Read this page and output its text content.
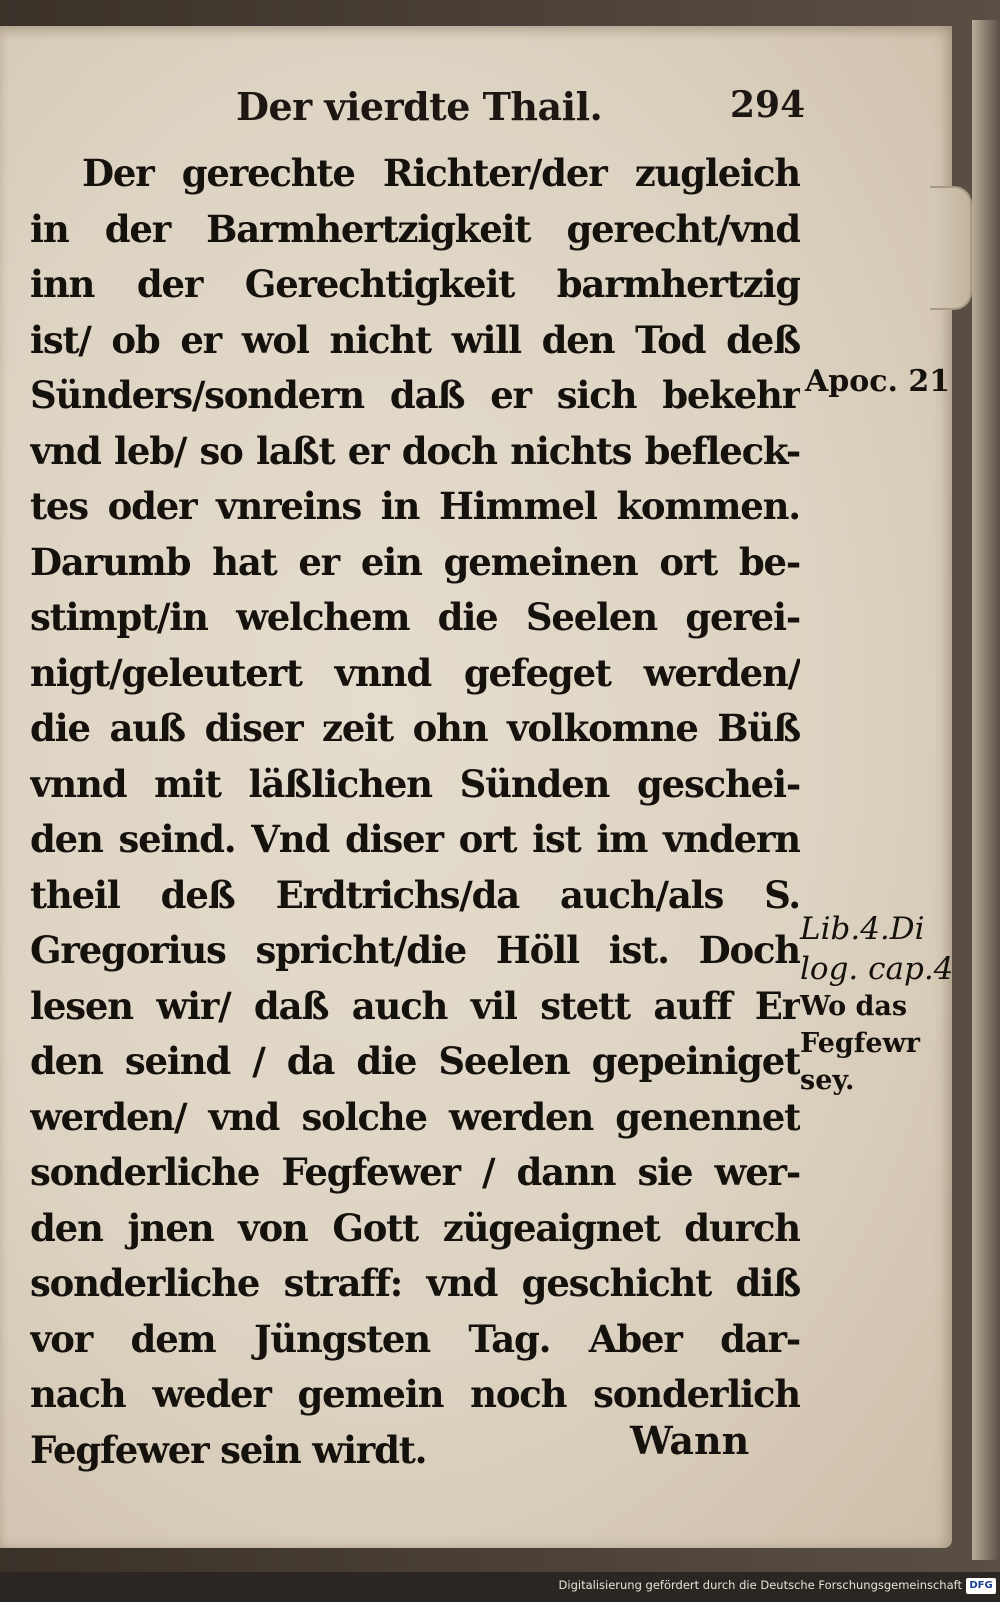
Der vierdte Thail.	294
Der gerechte Richter/der zugleich
in der Barmhertzigkeit gerecht/vnd
inn der Gerechtigkeit barmhertzig
ist/ ob er wol nicht will den Tod deß
Sünders/sondern daß er sich bekehr
vnd leb/ so laßt er doch nichts befleck-
tes oder vnreins in Himmel kommen.
Darumb hat er ein gemeinen ort be-
stimpt/in welchem die Seelen gerei-
nigt/geleutert vnnd gefeget werden/
die auß diser zeit ohn volkomne Büß
vnnd mit läßlichen Sünden geschei-
den seind. Vnd diser ort ist im vndern
theil deß Erdtrichs/da auch/als S.
Gregorius spricht/die Höll ist. Doch
lesen wir/ daß auch vil stett auff Er
den seind / da die Seelen gepeiniget
werden/ vnd solche werden genennet
sonderliche Fegfewer / dann sie wer-
den jnen von Gott zügeaignet durch
sonderliche straff: vnd geschicht diß
vor dem Jüngsten Tag. Aber dar-
nach weder gemein noch sonderlich
Fegfewer sein wirdt.	Wann
Apoc. 21
Lib.4.Di
log. cap.4
Wo das
Fegfewr
sey.
Digitalisierung gefördert durch die Deutsche Forschungsgemeinschaft DFG
